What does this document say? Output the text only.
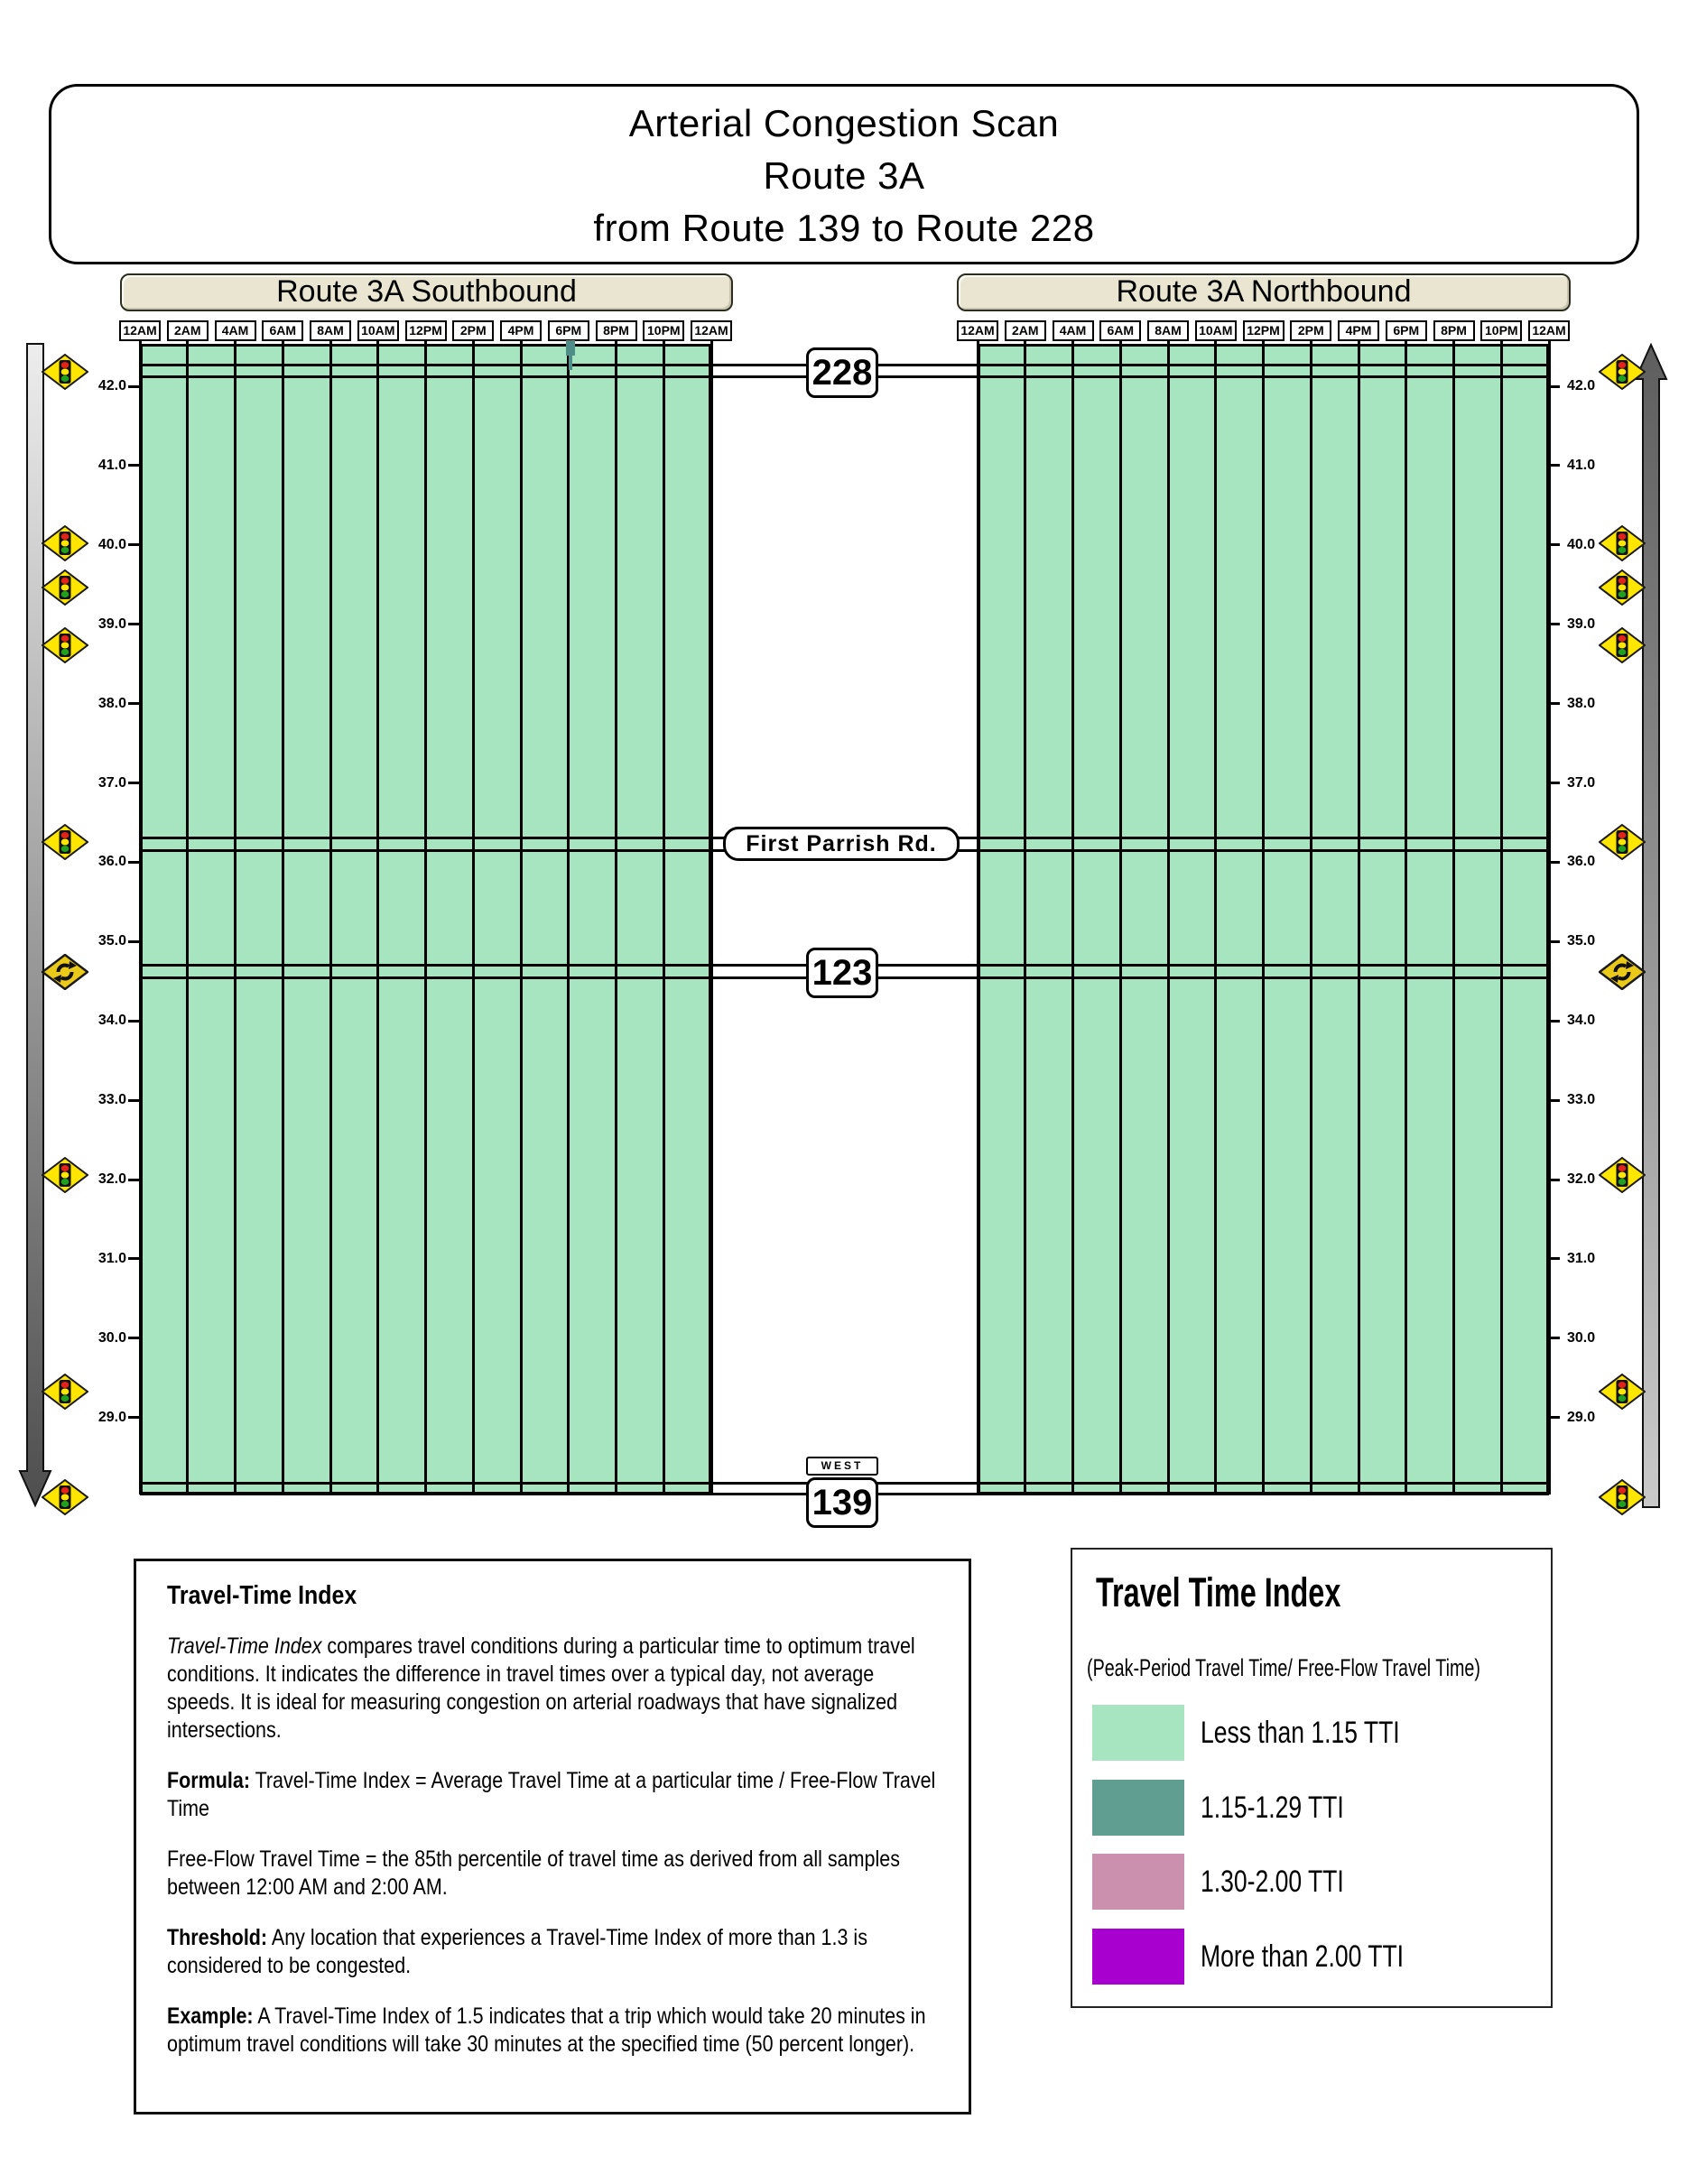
Arterial Congestion Scan
Route 3A
from Route 139 to Route 228
Route 3A Southbound	Route 3A Northbound
12AM	2AM	4AM	6AM	8AM	10AM	12PM	2PM	4PM	6PM	8PM	10PM	12AM	12AM	2AM	4AM	6AM	8AM	10AM	12PM	2PM	4PM	6PM	8PM	10PM	12AM
42.0	42.0
41.0	41.0
40.0	40.0
39.0	39.0
38.0	38.0
37.0	37.0
36.0	36.0
35.0	35.0
34.0	34.0
33.0	33.0
32.0	32.0
31.0	31.0
30.0	30.0
29.0	29.0
228
First Parrish Rd.
123
WEST
139
Travel-Time Index
Travel-Time Index compares travel conditions during a particular time to optimum travel conditions. It indicates the difference in travel times over a typical day, not average speeds. It is ideal for measuring congestion on arterial roadways that have signalized intersections.
Formula: Travel-Time Index = Average Travel Time at a particular time / Free-Flow Travel Time
Free-Flow Travel Time = the 85th percentile of travel time as derived from all samples between 12:00 AM and 2:00 AM.
Threshold: Any location that experiences a Travel-Time Index of more than 1.3 is considered to be congested.
Example: A Travel-Time Index of 1.5 indicates that a trip which would take 20 minutes in optimum travel conditions will take 30 minutes at the specified time (50 percent longer).
Travel Time Index
(Peak-Period Travel Time/ Free-Flow Travel Time)
Less than 1.15 TTI
1.15-1.29 TTI
1.30-2.00 TTI
More than 2.00 TTI
